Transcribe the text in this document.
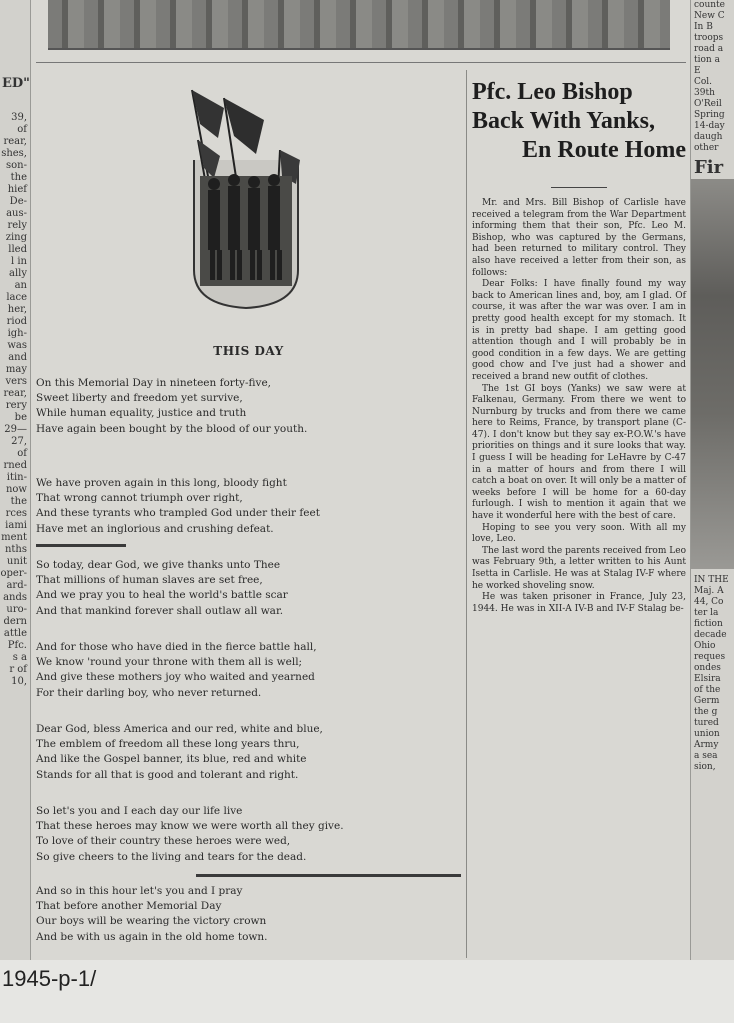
ED"
39,
of
rear,
shes,
son-
the
hief
De-
aus-
rely
zing
lled
l in
ally
an
lace
her,
riod
igh-
was
and
may
vers
rear,
rery
be
29—
27,
of
rned
itin-
now
the
rces
iami
ment
nths
unit
oper-
ard-
ands
uro-
dern
attle
Pfc.
s a
r of
10,
THIS DAY
On this Memorial Day in nineteen forty-five,
Sweet liberty and freedom yet survive,
While human equality, justice and truth
Have again been bought by the blood of our youth.
We have proven again in this long, bloody fight
That wrong cannot triumph over right,
And these tyrants who trampled God under their feet
Have met an inglorious and crushing defeat.
So today, dear God, we give thanks unto Thee
That millions of human slaves are set free,
And we pray you to heal the world's battle scar
And that mankind forever shall outlaw all war.
And for those who have died in the fierce battle hall,
We know 'round your throne with them all is well;
And give these mothers joy who waited and yearned
For their darling boy, who never returned.
Dear God, bless America and our red, white and blue,
The emblem of freedom all these long years thru,
And like the Gospel banner, its blue, red and white
Stands for all that is good and tolerant and right.
So let's you and I each day our life live
That these heroes may know we were worth all they give.
To love of their country these heroes were wed,
So give cheers to the living and tears for the dead.
And so in this hour let's you and I pray
That before another Memorial Day
Our boys will be wearing the victory crown
And be with us again in the old home town.
Pfc. Leo Bishop
Back With Yanks,
En Route Home

Mr. and Mrs. Bill Bishop of Carlisle have received a telegram from the War Department informing them that their son, Pfc. Leo M. Bishop, who was captured by the Germans, had been returned to military control. They also have received a letter from their son, as follows:

Dear Folks: I have finally found my way back to American lines and, boy, am I glad. Of course, it was after the war was over. I am in pretty good health except for my stomach. It is in pretty bad shape. I am getting good attention though and I will probably be in good condition in a few days. We are getting good chow and I've just had a shower and received a brand new outfit of clothes.

The 1st GI boys (Yanks) we saw were at Falkenau, Germany. From there we went to Nurnburg by trucks and from there we came here to Reims, France, by transport plane (C-47). I don't know but they say ex-P.O.W.'s have priorities on things and it sure looks that way. I guess I will be heading for LeHavre by C-47 in a matter of hours and from there I will catch a boat on over. It will only be a matter of weeks before I will be home for a 60-day furlough. I wish to mention it again that we have it wonderful here with the best of care.

Hoping to see you very soon. With all my love, Leo.

The last word the parents received from Leo was February 9th, a letter written to his Aunt Isetta in Carlisle. He was at Stalag IV-F where he worked shoveling snow.

He was taken prisoner in France, July 23, 1944. He was in XII-A IV-B and IV-F Stalag be-

counte
New C
In B
troops
road a
tion a
E
Col.
39th
O'Reil
Spring
14-day
daugh
other
Fir
IN THE
Maj. A
44, Co
ter la
fiction
decade
Ohio
reques
ondes
Elsira
of the
Germ
the g
tured
union
Army
a sea
sion,
1945-p-1/
